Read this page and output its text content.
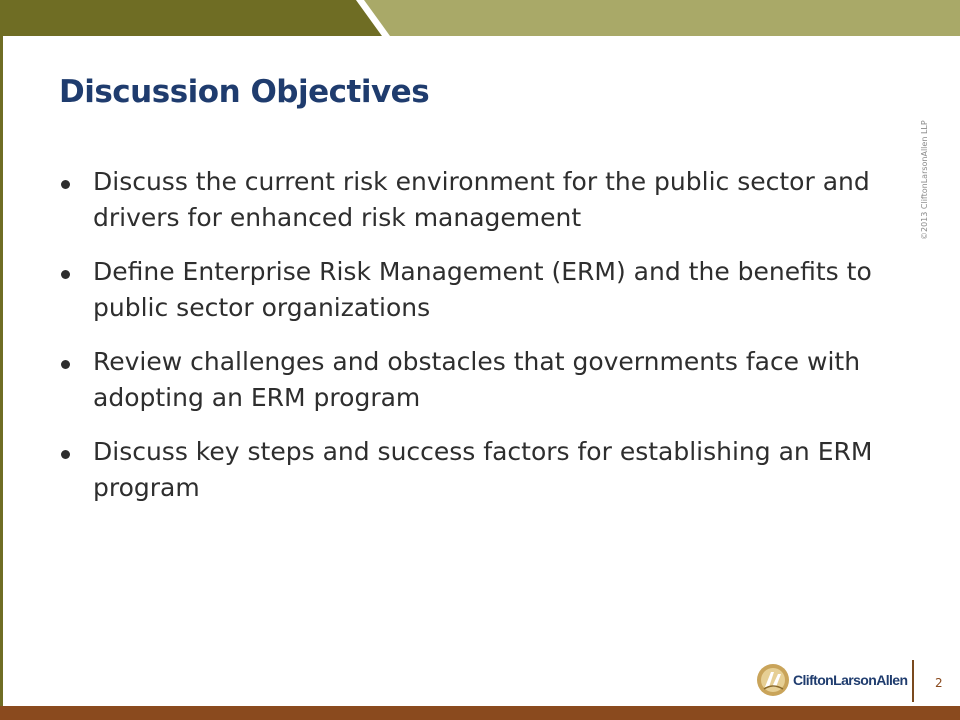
Discussion Objectives
Discuss the current risk environment for the public sector and drivers for enhanced risk management
Define Enterprise Risk Management (ERM) and the benefits to public sector organizations
Review challenges and obstacles that governments face with adopting an ERM program
Discuss key steps and success factors for establishing an ERM program
©2013 CliftonLarsonAllen LLP
CliftonLarsonAllen 2
